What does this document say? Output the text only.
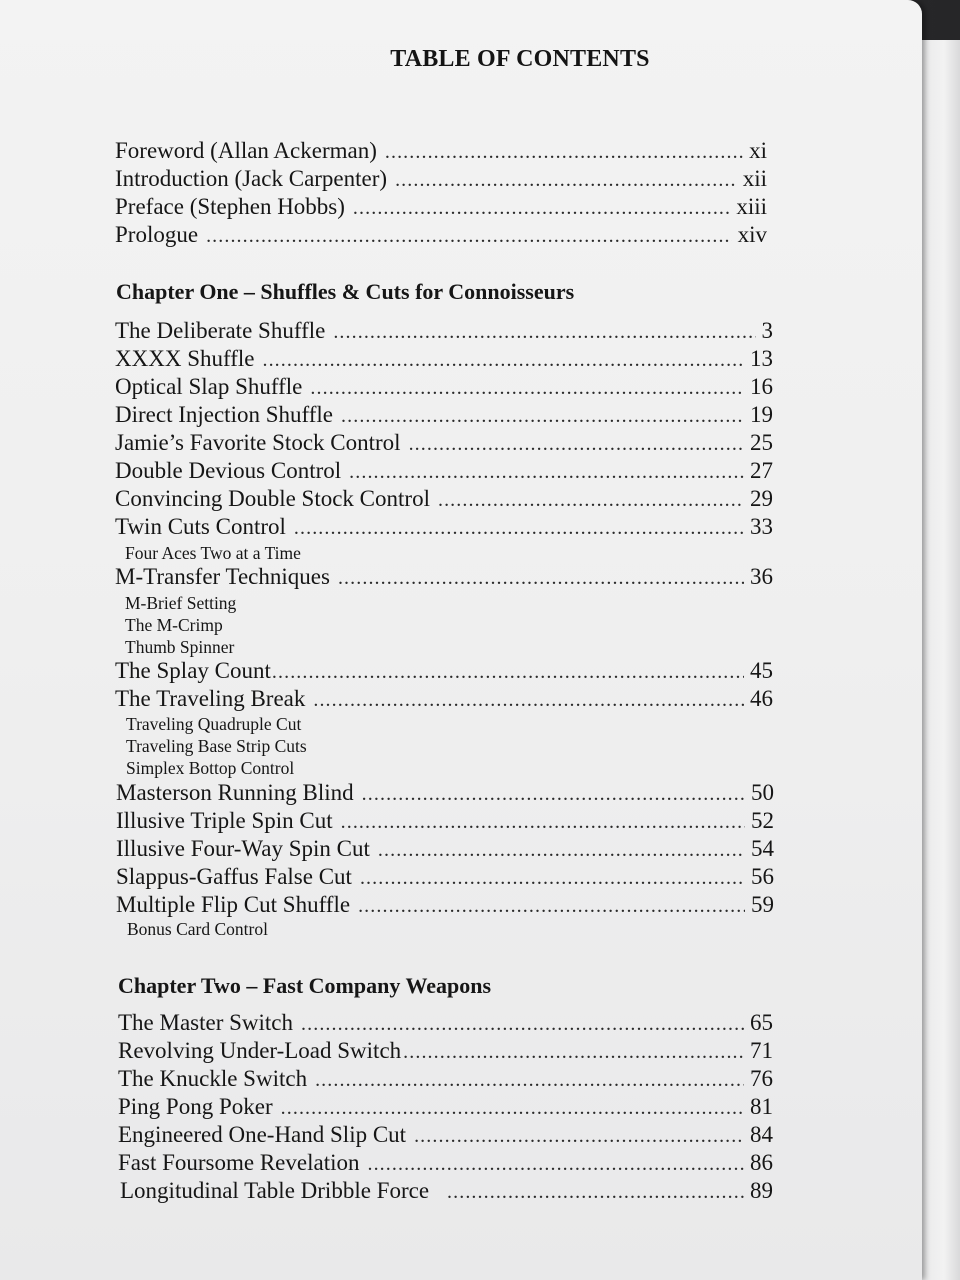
TABLE OF CONTENTS
Foreword (Allan Ackerman) .....	xi
Introduction (Jack Carpenter) .....	xii
Preface (Stephen Hobbs) .....	xiii
Prologue .....	xiv
Chapter One – Shuffles & Cuts for Connoisseurs
The Deliberate Shuffle .....	3
XXXX Shuffle .....	13
Optical Slap Shuffle .....	16
Direct Injection Shuffle .....	19
Jamie’s Favorite Stock Control .....	25
Double Devious Control .....	27
Convincing Double Stock Control .....	29
Twin Cuts Control .....	33
Four Aces Two at a Time
M-Transfer Techniques .....	36
M-Brief Setting
The M-Crimp
Thumb Spinner
The Splay Count .....	45
The Traveling Break .....	46
Traveling Quadruple Cut
Traveling Base Strip Cuts
Simplex Bottop Control
Masterson Running Blind .....	50
Illusive Triple Spin Cut .....	52
Illusive Four-Way Spin Cut .....	54
Slappus-Gaffus False Cut .....	56
Multiple Flip Cut Shuffle .....	59
Bonus Card Control
Chapter Two – Fast Company Weapons
The Master Switch .....	65
Revolving Under-Load Switch .....	71
The Knuckle Switch .....	76
Ping Pong Poker .....	81
Engineered One-Hand Slip Cut .....	84
Fast Foursome Revelation .....	86
Longitudinal Table Dribble Force .....	89
